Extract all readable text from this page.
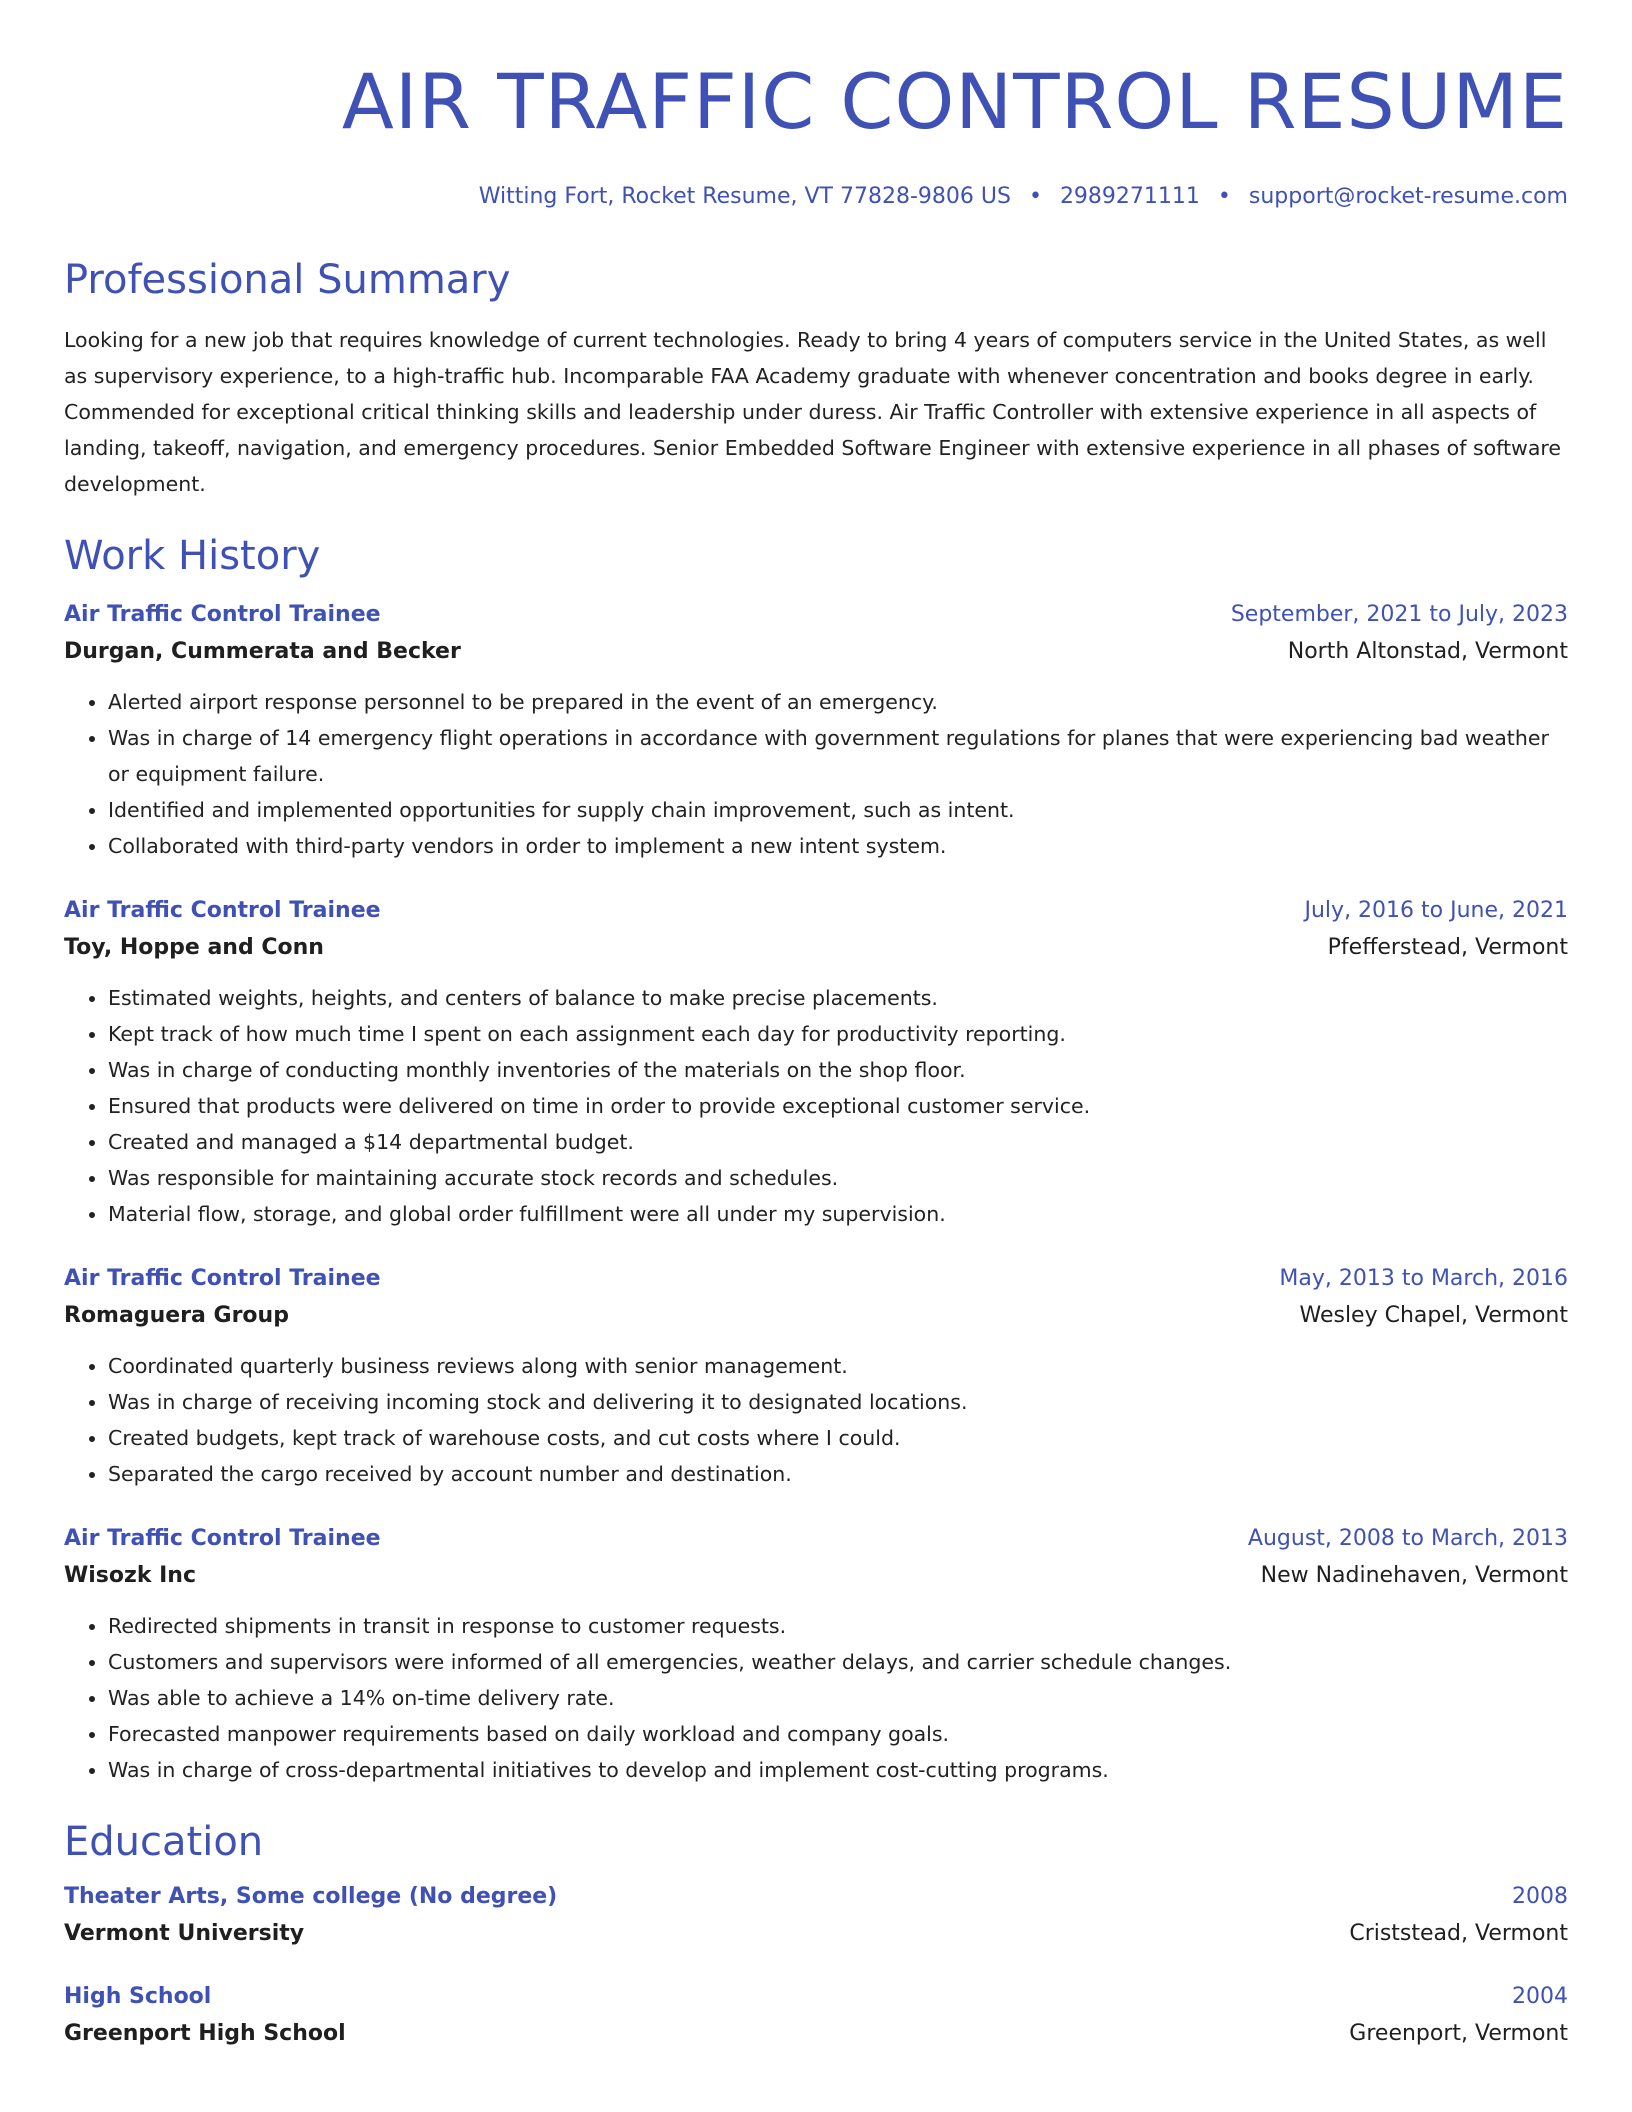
AIR TRAFFIC CONTROL RESUME
Witting Fort, Rocket Resume, VT 77828-9806 US • 2989271111 • support@rocket-resume.com
Professional Summary

Looking for a new job that requires knowledge of current technologies. Ready to bring 4 years of computers service in the United States, as well as supervisory experience, to a high-traffic hub. Incomparable FAA Academy graduate with whenever concentration and books degree in early. Commended for exceptional critical thinking skills and leadership under duress. Air Traffic Controller with extensive experience in all aspects of landing, takeoff, navigation, and emergency procedures. Senior Embedded Software Engineer with extensive experience in all phases of software development.

Work History
Air Traffic Control Trainee	September, 2021 to July, 2023
Durgan, Cummerata and Becker	North Altonstad, Vermont
• Alerted airport response personnel to be prepared in the event of an emergency.
• Was in charge of 14 emergency flight operations in accordance with government regulations for planes that were experiencing bad weather or equipment failure.
• Identified and implemented opportunities for supply chain improvement, such as intent.
• Collaborated with third-party vendors in order to implement a new intent system.
Air Traffic Control Trainee	July, 2016 to June, 2021
Toy, Hoppe and Conn	Pfefferstead, Vermont
• Estimated weights, heights, and centers of balance to make precise placements.
• Kept track of how much time I spent on each assignment each day for productivity reporting.
• Was in charge of conducting monthly inventories of the materials on the shop floor.
• Ensured that products were delivered on time in order to provide exceptional customer service.
• Created and managed a $14 departmental budget.
• Was responsible for maintaining accurate stock records and schedules.
• Material flow, storage, and global order fulfillment were all under my supervision.
Air Traffic Control Trainee	May, 2013 to March, 2016
Romaguera Group	Wesley Chapel, Vermont
• Coordinated quarterly business reviews along with senior management.
• Was in charge of receiving incoming stock and delivering it to designated locations.
• Created budgets, kept track of warehouse costs, and cut costs where I could.
• Separated the cargo received by account number and destination.
Air Traffic Control Trainee	August, 2008 to March, 2013
Wisozk Inc	New Nadinehaven, Vermont
• Redirected shipments in transit in response to customer requests.
• Customers and supervisors were informed of all emergencies, weather delays, and carrier schedule changes.
• Was able to achieve a 14% on-time delivery rate.
• Forecasted manpower requirements based on daily workload and company goals.
• Was in charge of cross-departmental initiatives to develop and implement cost-cutting programs.
Education
Theater Arts, Some college (No degree)	2008
Vermont University	Criststead, Vermont
High School	2004
Greenport High School	Greenport, Vermont
